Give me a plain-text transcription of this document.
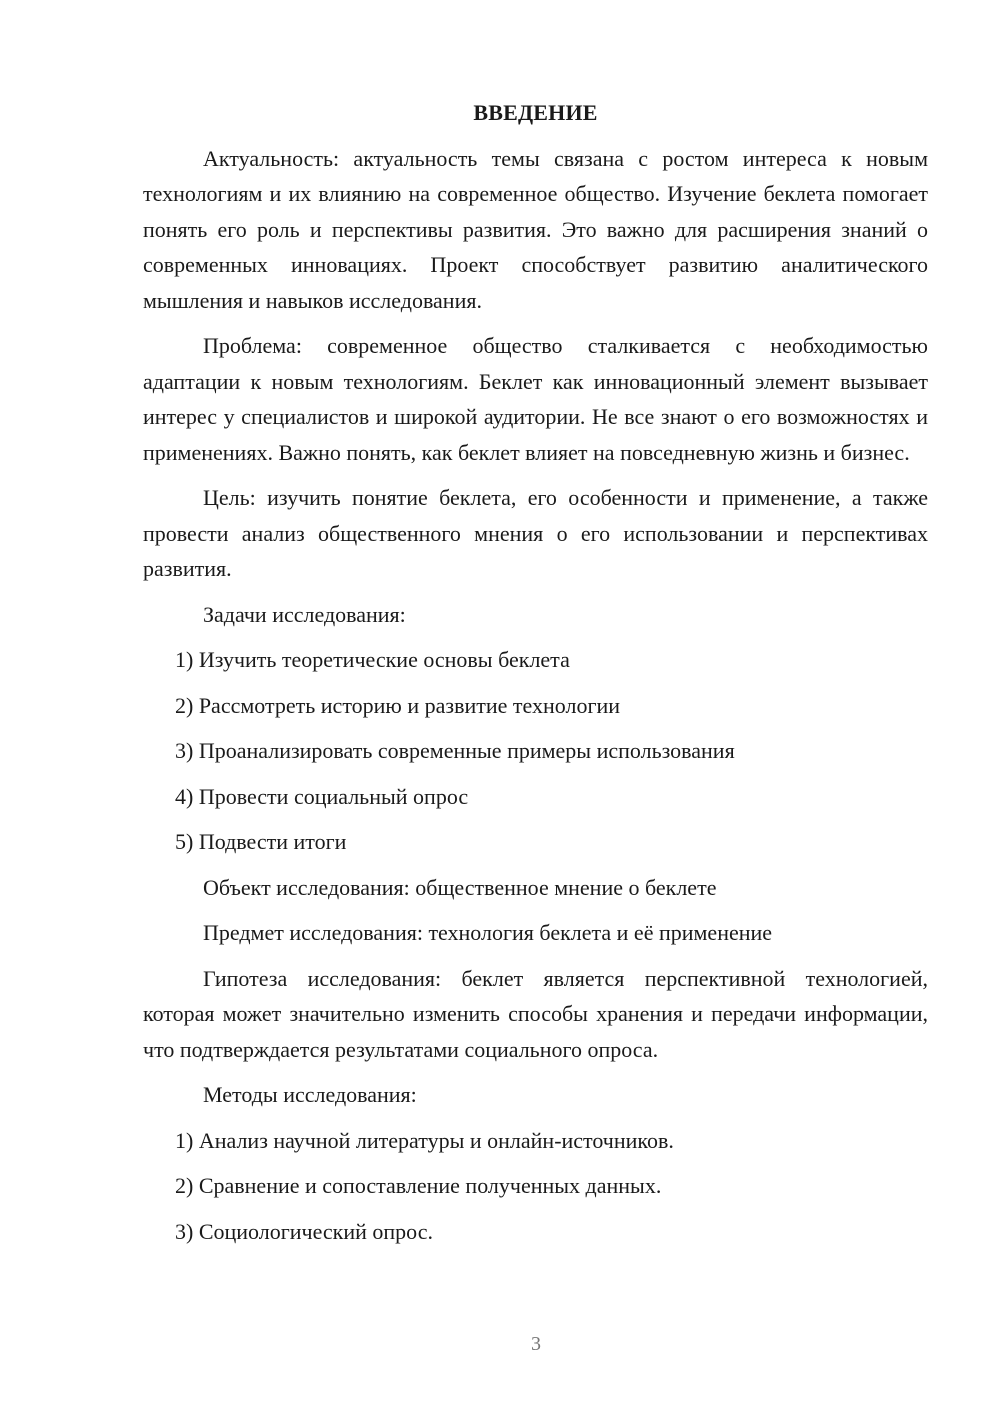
ВВЕДЕНИЕ

Актуальность: актуальность темы связана с ростом интереса к новым технологиям и их влиянию на современное общество. Изучение беклета помогает понять его роль и перспективы развития. Это важно для расширения знаний о современных инновациях. Проект способствует развитию аналитического мышления и навыков исследования.

Проблема: современное общество сталкивается с необходимостью адаптации к новым технологиям. Беклет как инновационный элемент вызывает интерес у специалистов и широкой аудитории. Не все знают о его возможностях и применениях. Важно понять, как беклет влияет на повседневную жизнь и бизнес.

Цель: изучить понятие беклета, его особенности и применение, а также провести анализ общественного мнения о его использовании и перспективах развития.

Задачи исследования:
1) Изучить теоретические основы беклета
2) Рассмотреть историю и развитие технологии
3) Проанализировать современные примеры использования
4) Провести социальный опрос
5) Подвести итоги
Объект исследования: общественное мнение о беклете
Предмет исследования: технология беклета и её применение

Гипотеза исследования: беклет является перспективной технологией, которая может значительно изменить способы хранения и передачи информации, что подтверждается результатами социального опроса.

Методы исследования:
1) Анализ научной литературы и онлайн-источников.
2) Сравнение и сопоставление полученных данных.
3) Социологический опрос.
3
